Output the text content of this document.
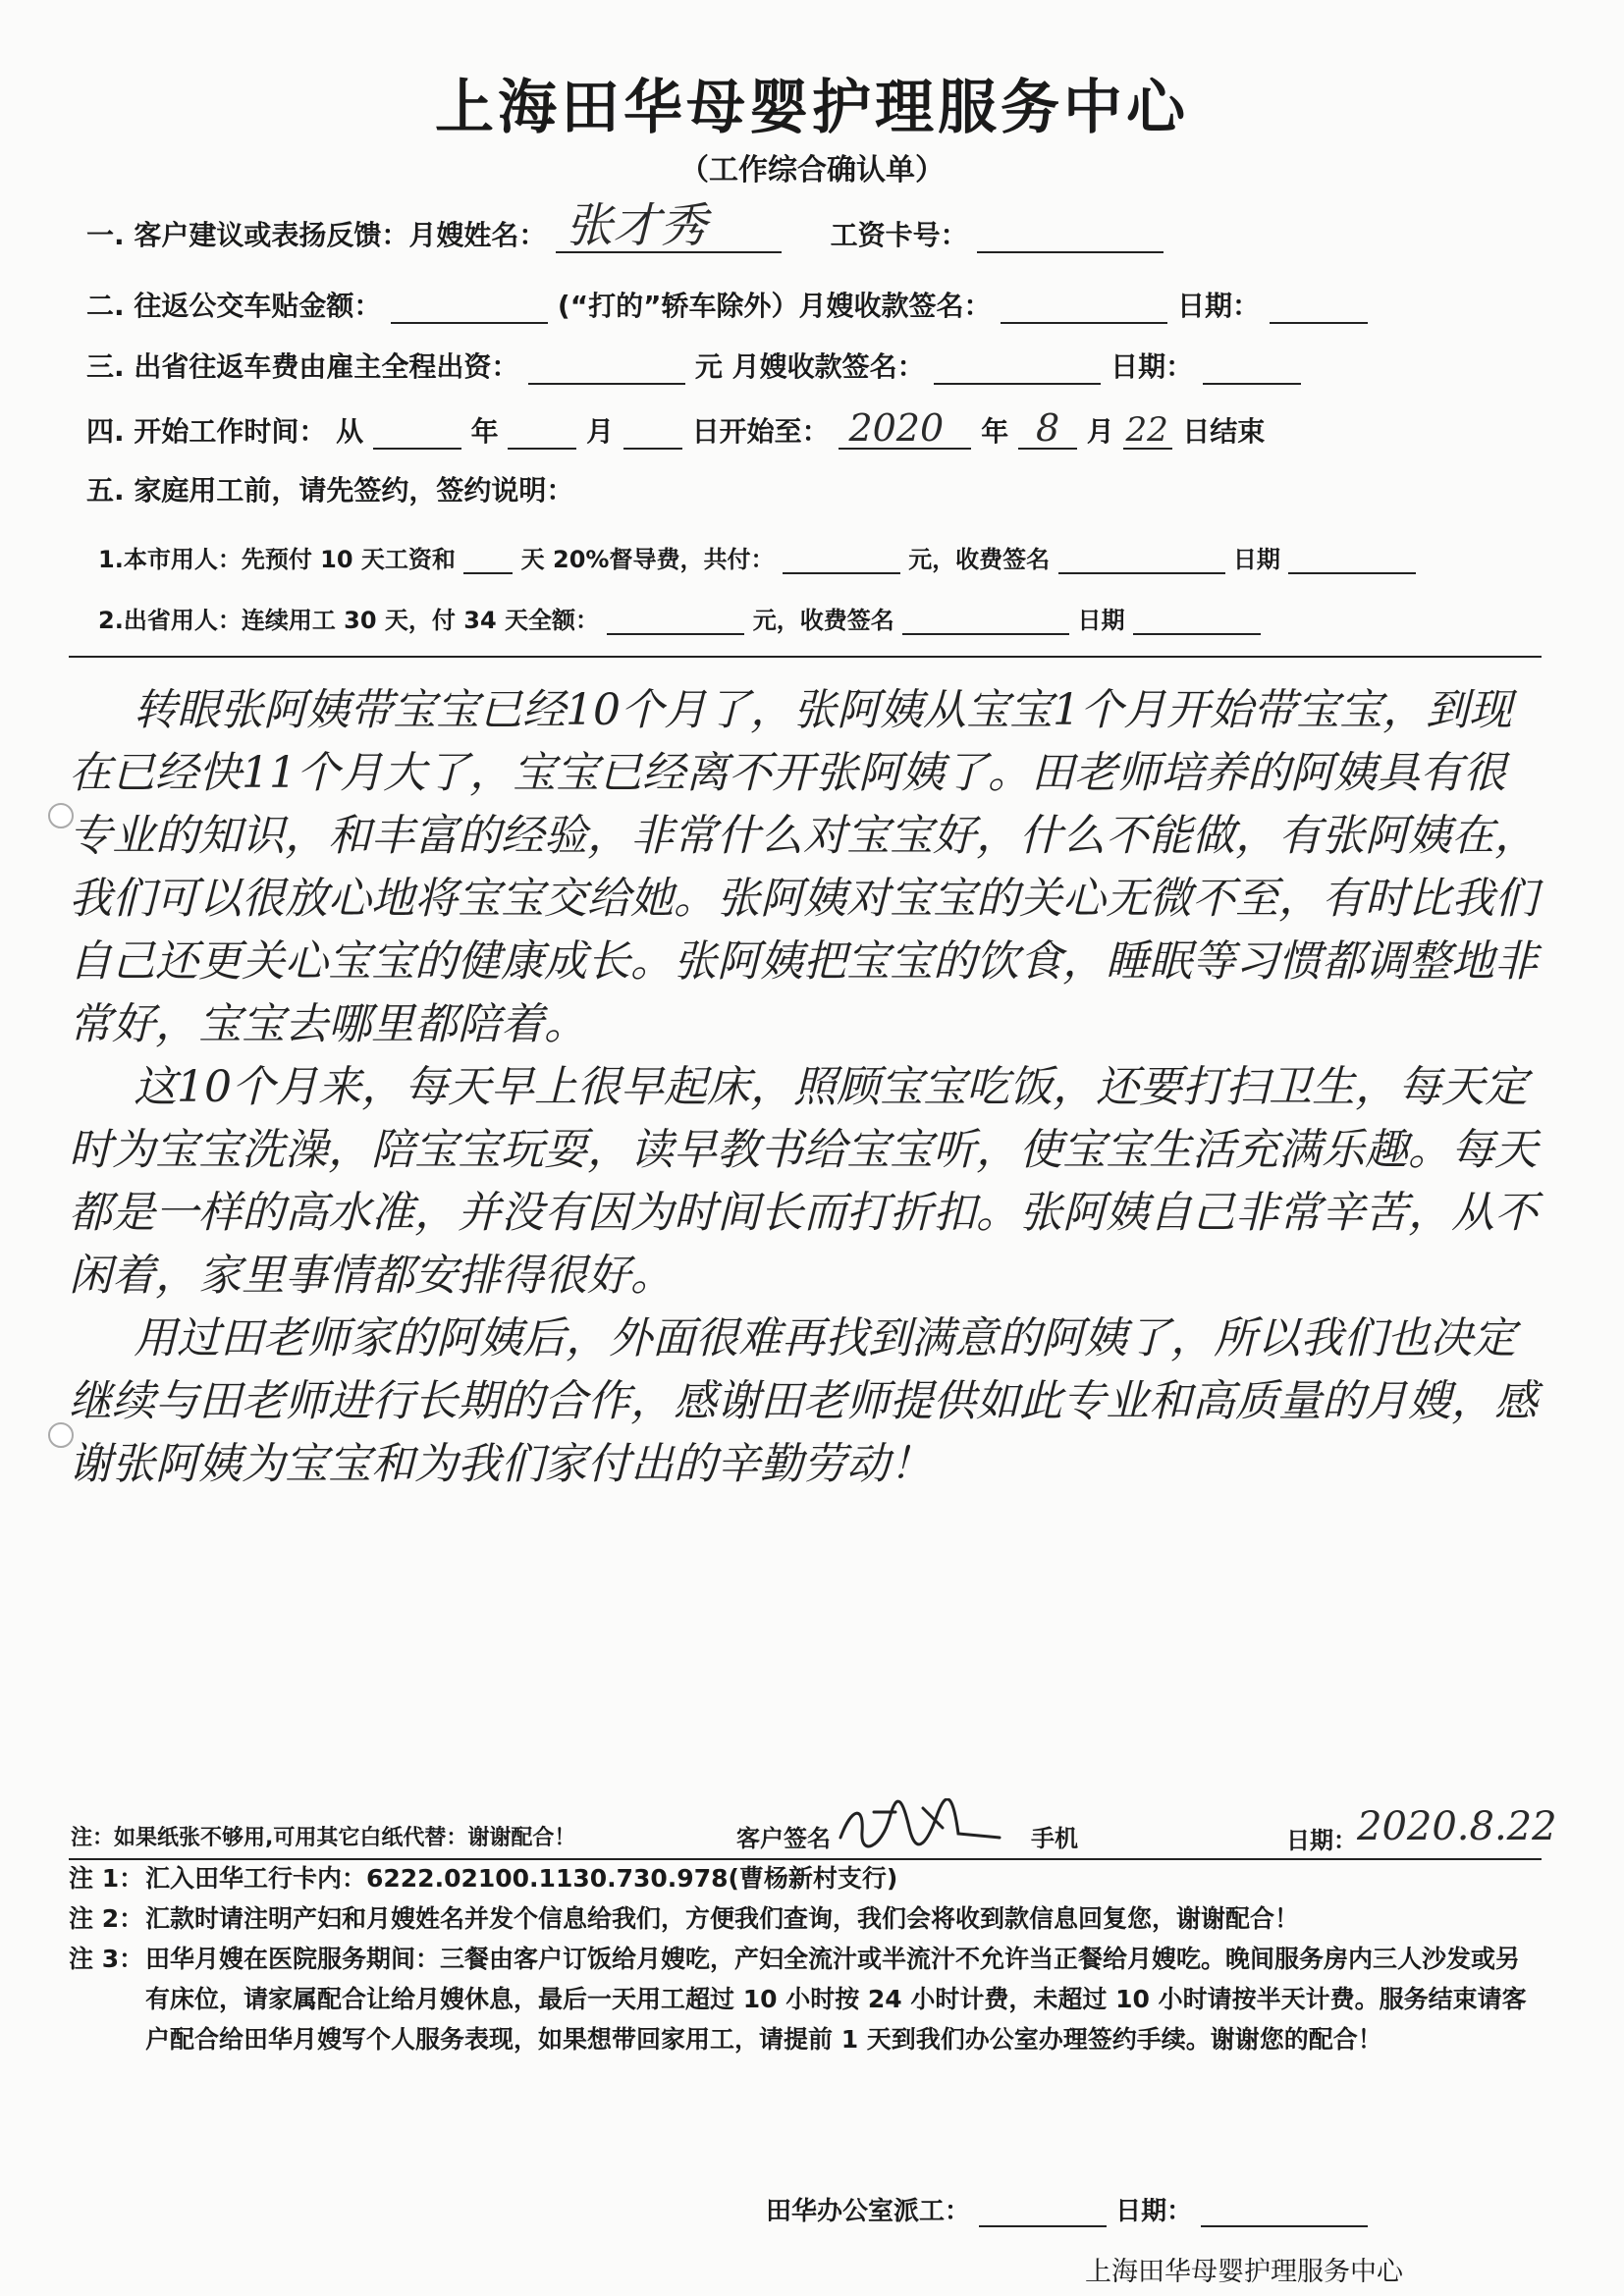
上海田华母婴护理服务中心
（工作综合确认单）
一. 客户建议或表扬反馈：月嫂姓名： 张才秀	工资卡号：
二. 往返公交车贴金额：	(“打的”轿车除外）月嫂收款签名：	日期：
三. 出省往返车费由雇主全程出资：	元 月嫂收款签名：	日期：
四. 开始工作时间： 从	年	月	日开始至： 2020 年 8 月 22 日结束
五. 家庭用工前，请先签约，签约说明：
1.本市用人：先预付 10 天工资和	天 20%督导费，共付：	元，收费签名	日期
2.出省用人：连续用工 30 天，付 34 天全额：	元，收费签名	日期

转眼张阿姨带宝宝已经10个月了，张阿姨从宝宝1个月开始带宝宝，到现在已经快11个月大了，宝宝已经离不开张阿姨了。田老师培养的阿姨具有很专业的知识，和丰富的经验，非常什么对宝宝好，什么不能做，有张阿姨在，我们可以很放心地将宝宝交给她。张阿姨对宝宝的关心无微不至，有时比我们自己还更关心宝宝的健康成长。张阿姨把宝宝的饮食，睡眠等习惯都调整地非常好，宝宝去哪里都陪着。

这10个月来，每天早上很早起床，照顾宝宝吃饭，还要打扫卫生，每天定时为宝宝洗澡，陪宝宝玩耍，读早教书给宝宝听，使宝宝生活充满乐趣。每天都是一样的高水准，并没有因为时间长而打折扣。张阿姨自己非常辛苦，从不闲着，家里事情都安排得很好。

用过田老师家的阿姨后，外面很难再找到满意的阿姨了，所以我们也决定继续与田老师进行长期的合作，感谢田老师提供如此专业和高质量的月嫂，感谢张阿姨为宝宝和为我们家付出的辛勤劳动！

注：如果纸张不够用,可用其它白纸代替：谢谢配合！	客户签名	手机	日期： 2020.8.22
注 1： 汇入田华工行卡内：6222.02100.1130.730.978(曹杨新村支行)
注 2： 汇款时请注明产妇和月嫂姓名并发个信息给我们，方便我们查询，我们会将收到款信息回复您，谢谢配合！
注 3： 田华月嫂在医院服务期间：三餐由客户订饭给月嫂吃，产妇全流汁或半流汁不允许当正餐给月嫂吃。晚间服务房内三人沙发或另有床位，请家属配合让给月嫂休息，最后一天用工超过 10 小时按 24 小时计费，未超过 10 小时请按半天计费。服务结束请客户配合给田华月嫂写个人服务表现，如果想带回家用工，请提前 1 天到我们办公室办理签约手续。谢谢您的配合！
田华办公室派工：	日期：
上海田华母婴护理服务中心
